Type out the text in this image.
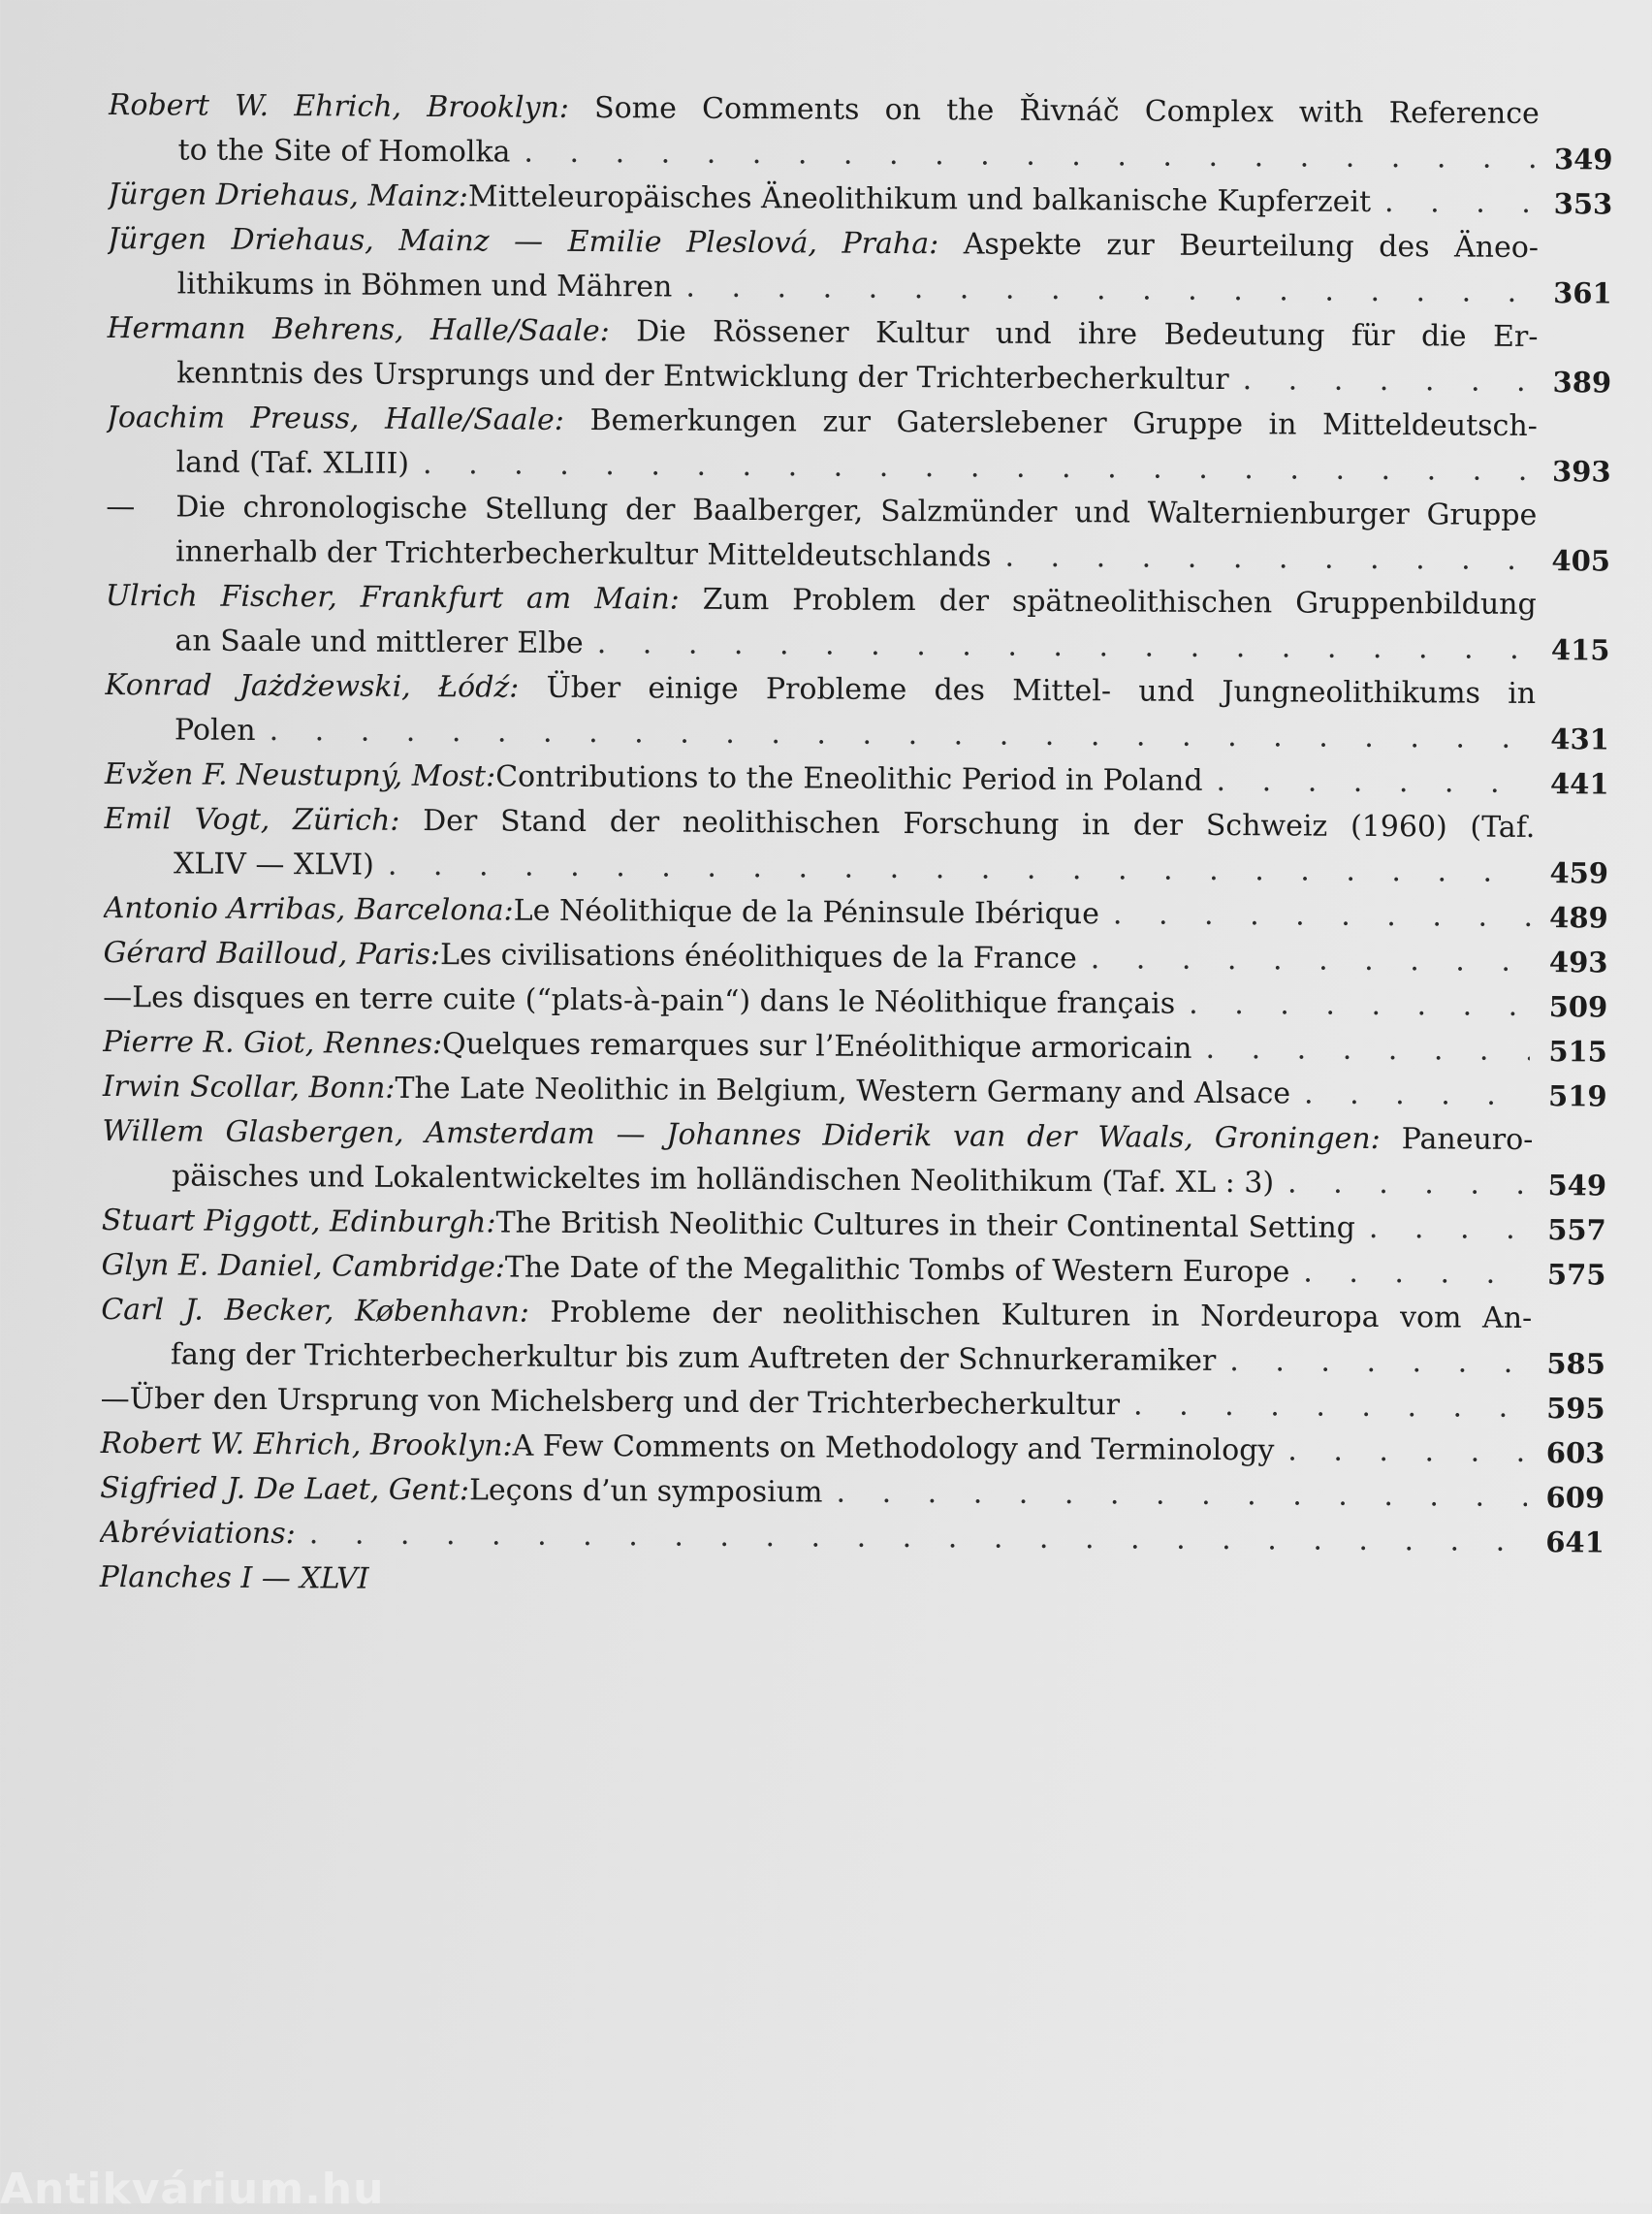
Robert W. Ehrich, Brooklyn: Some Comments on the Řivnáč Complex with Reference
to the Site of Homolka . . .	349
Jürgen Driehaus, Mainz: Mitteleuropäisches Äneolithikum und balkanische Kupferzeit . . .	353
Jürgen Driehaus, Mainz — Emilie Pleslová, Praha: Aspekte zur Beurteilung des Äneo-
lithikums in Böhmen und Mähren . . .	361
Hermann Behrens, Halle/Saale: Die Rössener Kultur und ihre Bedeutung für die Er-
kenntnis des Ursprungs und der Entwicklung der Trichterbecherkultur . . .	389
Joachim Preuss, Halle/Saale: Bemerkungen zur Gaterslebener Gruppe in Mitteldeutsch-
land (Taf. XLIII) . . .	393
— Die chronologische Stellung der Baalberger, Salzmünder und Walternienburger Gruppe
innerhalb der Trichterbecherkultur Mitteldeutschlands . . .	405
Ulrich Fischer, Frankfurt am Main: Zum Problem der spätneolithischen Gruppenbildung
an Saale und mittlerer Elbe . . .	415
Konrad Jażdżewski, Łódź: Über einige Probleme des Mittel- und Jungneolithikums in
Polen . . .	431
Evžen F. Neustupný, Most: Contributions to the Eneolithic Period in Poland . . .	441
Emil Vogt, Zürich: Der Stand der neolithischen Forschung in der Schweiz (1960) (Taf.
XLIV — XLVI) . . .	459
Antonio Arribas, Barcelona: Le Néolithique de la Péninsule Ibérique . . .	489
Gérard Bailloud, Paris: Les civilisations énéolithiques de la France . . .	493
— Les disques en terre cuite (“plats-à-pain“) dans le Néolithique français . . .	509
Pierre R. Giot, Rennes: Quelques remarques sur l’Enéolithique armoricain . . .	515
Irwin Scollar, Bonn: The Late Neolithic in Belgium, Western Germany and Alsace . . .	519
Willem Glasbergen, Amsterdam — Johannes Diderik van der Waals, Groningen: Paneuro-
päisches und Lokalentwickeltes im holländischen Neolithikum (Taf. XL : 3) . . .	549
Stuart Piggott, Edinburgh: The British Neolithic Cultures in their Continental Setting . . .	557
Glyn E. Daniel, Cambridge: The Date of the Megalithic Tombs of Western Europe . . .	575
Carl J. Becker, København: Probleme der neolithischen Kulturen in Nordeuropa vom An-
fang der Trichterbecherkultur bis zum Auftreten der Schnurkeramiker . . .	585
— Über den Ursprung von Michelsberg und der Trichterbecherkultur . . .	595
Robert W. Ehrich, Brooklyn: A Few Comments on Methodology and Terminology . . .	603
Sigfried J. De Laet, Gent: Leçons d’un symposium . . .	609
Abréviations: . . .	641
Planches I — XLVI
Antikvárium.hu
